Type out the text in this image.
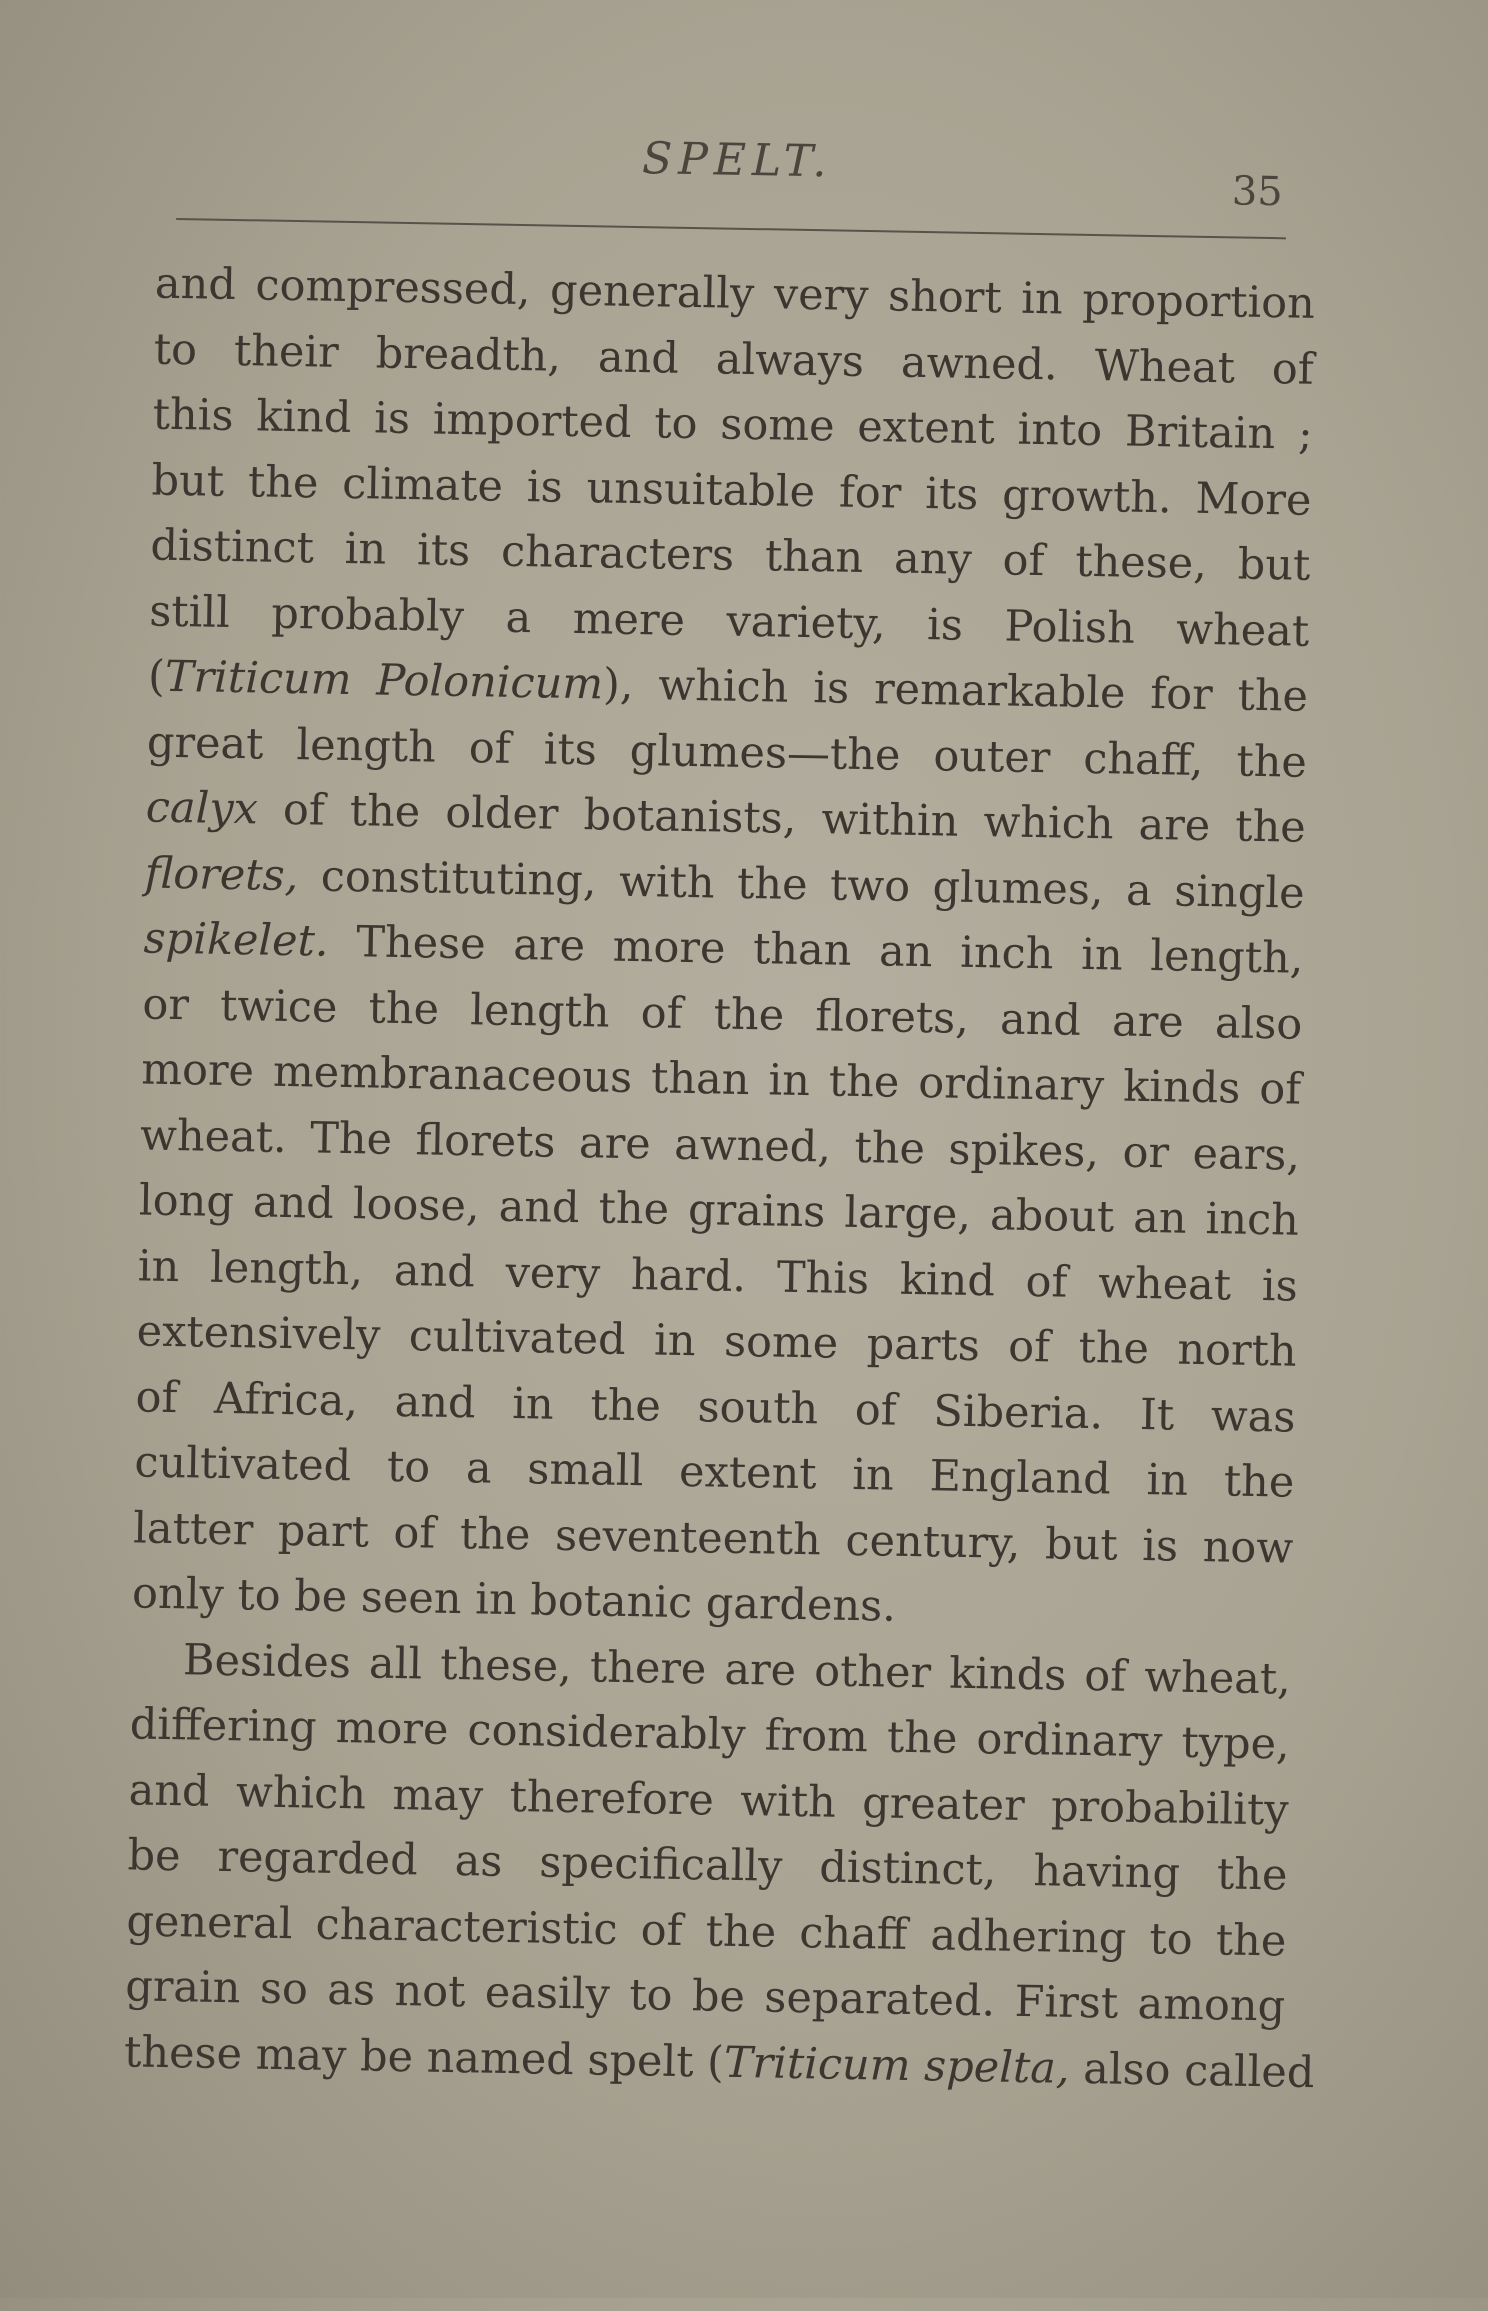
SPELT.
35
and compressed, generally very short in proportion
to their breadth, and always awned. Wheat of
this kind is imported to some extent into Britain ;
but the climate is unsuitable for its growth. More
distinct in its characters than any of these, but
still probably a mere variety, is Polish wheat
(Triticum Polonicum), which is remarkable for the
great length of its glumes—the outer chaff, the
calyx of the older botanists, within which are the
florets, constituting, with the two glumes, a single
spikelet. These are more than an inch in length,
or twice the length of the florets, and are also
more membranaceous than in the ordinary kinds of
wheat. The florets are awned, the spikes, or ears,
long and loose, and the grains large, about an inch
in length, and very hard. This kind of wheat is
extensively cultivated in some parts of the north
of Africa, and in the south of Siberia. It was
cultivated to a small extent in England in the
latter part of the seventeenth century, but is now
only to be seen in botanic gardens.
Besides all these, there are other kinds of wheat,
differing more considerably from the ordinary type,
and which may therefore with greater probability
be regarded as specifically distinct, having the
general characteristic of the chaff adhering to the
grain so as not easily to be separated. First among
these may be named spelt (Triticum spelta, also called
